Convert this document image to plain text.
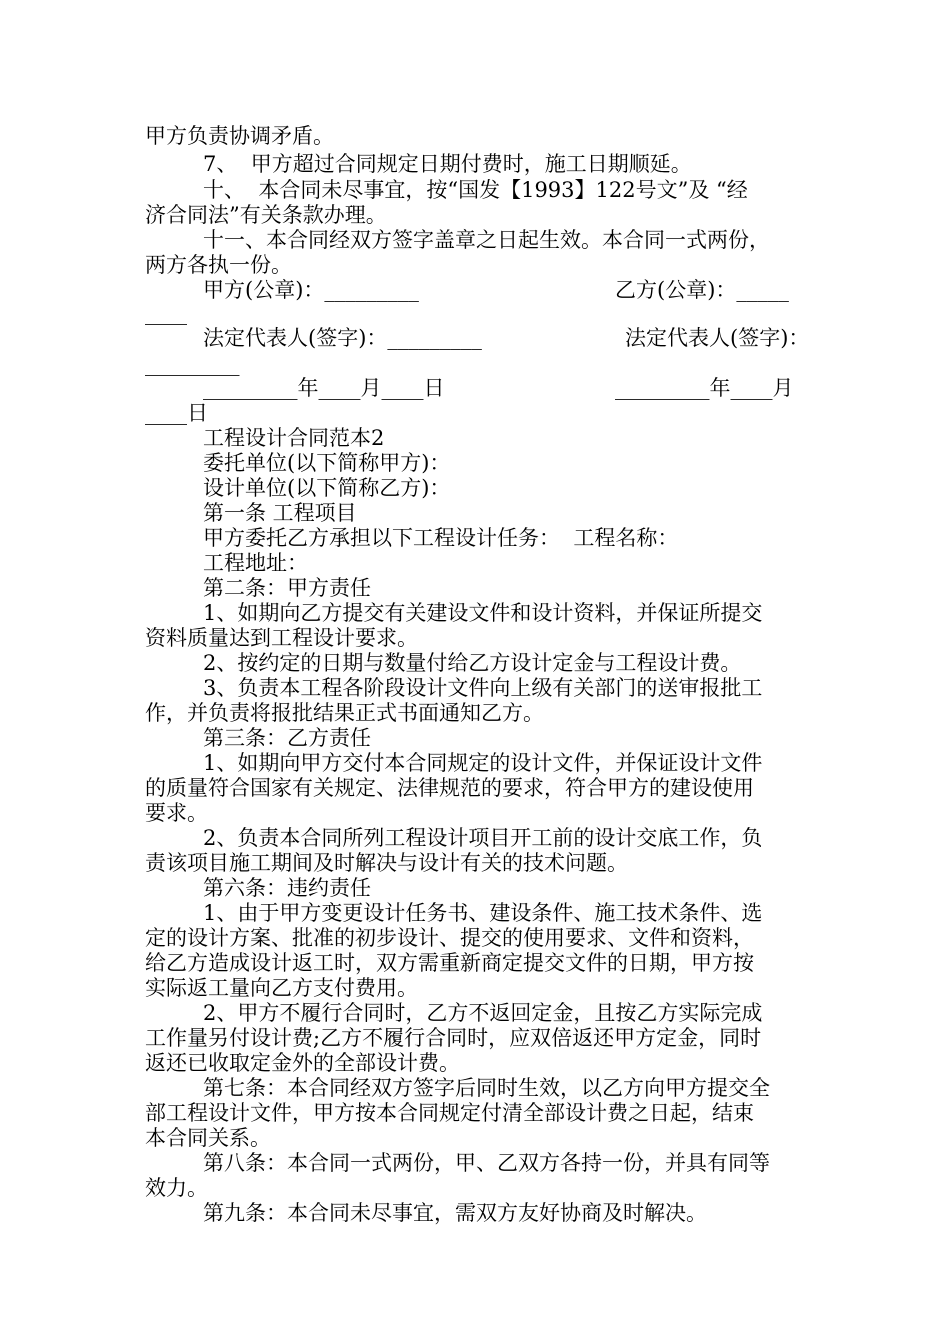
甲方负责协调矛盾。

7、  甲方超过合同规定日期付费时，施工日期顺延。

十、  本合同未尽事宜，按“国发【1993】122号文”及 “经

济合同法”有关条款办理。

十一、本合同经双方签字盖章之日起生效。本合同一式两份，

两方各执一份。

甲方(公章)：_________	乙方(公章)：_____

____

法定代表人(签字)：_________	法定代表人(签字)：

_________

_________年____月____日	_________年____月

____日

工程设计合同范本2

委托单位(以下简称甲方)：

设计单位(以下简称乙方)：

第一条 工程项目

甲方委托乙方承担以下工程设计任务：  工程名称：

工程地址：

第二条：甲方责任

1、如期向乙方提交有关建设文件和设计资料，并保证所提交

资料质量达到工程设计要求。

2、按约定的日期与数量付给乙方设计定金与工程设计费。

3、负责本工程各阶段设计文件向上级有关部门的送审报批工

作，并负责将报批结果正式书面通知乙方。

第三条：乙方责任

1、如期向甲方交付本合同规定的设计文件，并保证设计文件

的质量符合国家有关规定、法律规范的要求，符合甲方的建设使用

要求。

2、负责本合同所列工程设计项目开工前的设计交底工作，负

责该项目施工期间及时解决与设计有关的技术问题。

第六条：违约责任

1、由于甲方变更设计任务书、建设条件、施工技术条件、选

定的设计方案、批准的初步设计、提交的使用要求、文件和资料，

给乙方造成设计返工时，双方需重新商定提交文件的日期，甲方按

实际返工量向乙方支付费用。

2、甲方不履行合同时，乙方不返回定金，且按乙方实际完成

工作量另付设计费;乙方不履行合同时，应双倍返还甲方定金，同时

返还已收取定金外的全部设计费。

第七条：本合同经双方签字后同时生效，以乙方向甲方提交全

部工程设计文件，甲方按本合同规定付清全部设计费之日起，结束

本合同关系。

第八条：本合同一式两份，甲、乙双方各持一份，并具有同等

效力。

第九条：本合同未尽事宜，需双方友好协商及时解决。
